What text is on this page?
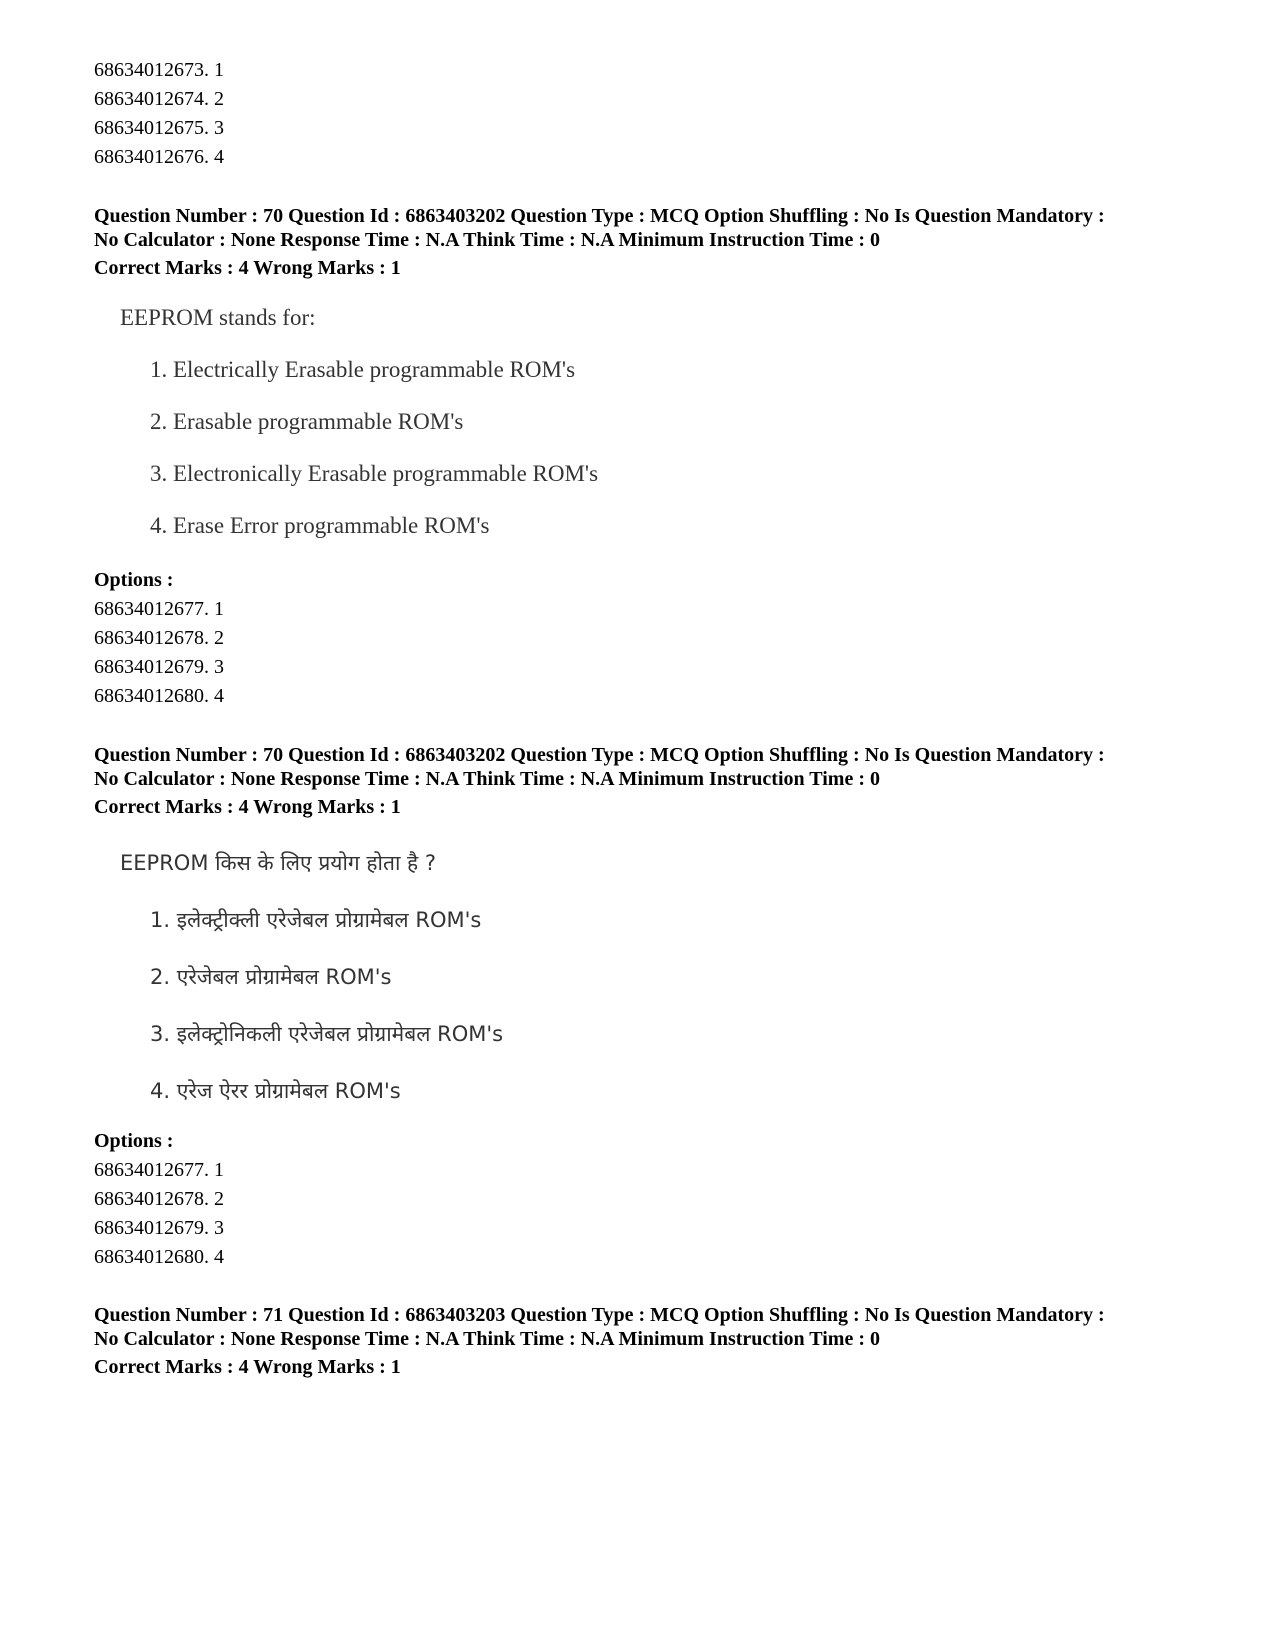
68634012673. 1
68634012674. 2
68634012675. 3
68634012676. 4
Question Number : 70 Question Id : 6863403202 Question Type : MCQ Option Shuffling : No Is Question Mandatory :
No Calculator : None Response Time : N.A Think Time : N.A Minimum Instruction Time : 0
Correct Marks : 4 Wrong Marks : 1
EEPROM stands for:
1. Electrically Erasable programmable ROM's
2. Erasable programmable ROM's
3. Electronically Erasable programmable ROM's
4. Erase Error programmable ROM's
Options :
68634012677. 1
68634012678. 2
68634012679. 3
68634012680. 4
Question Number : 70 Question Id : 6863403202 Question Type : MCQ Option Shuffling : No Is Question Mandatory :
No Calculator : None Response Time : N.A Think Time : N.A Minimum Instruction Time : 0
Correct Marks : 4 Wrong Marks : 1
EEPROM किस के लिए प्रयोग होता है ?
1. इलेक्ट्रीक्ली एरेजेबल प्रोग्रामेबल ROM's
2. एरेजेबल प्रोग्रामेबल ROM's
3. इलेक्ट्रोनिकली एरेजेबल प्रोग्रामेबल ROM's
4. एरेज ऐरर प्रोग्रामेबल ROM's
Options :
68634012677. 1
68634012678. 2
68634012679. 3
68634012680. 4
Question Number : 71 Question Id : 6863403203 Question Type : MCQ Option Shuffling : No Is Question Mandatory :
No Calculator : None Response Time : N.A Think Time : N.A Minimum Instruction Time : 0
Correct Marks : 4 Wrong Marks : 1
